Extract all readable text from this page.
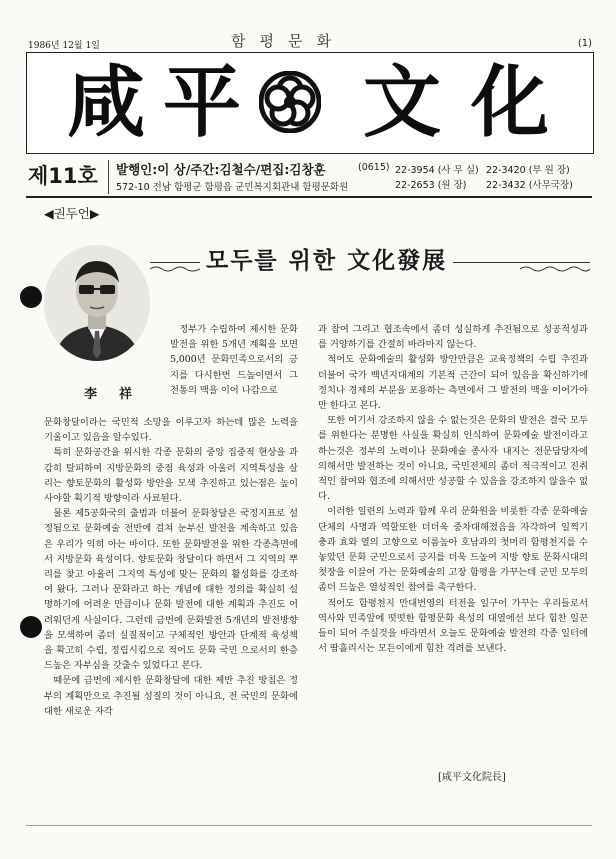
1986년 12월 1일	함평문화	(1)
咸 平 文 化
제11호 발행인:이 상/주간:김철수/편집:김창훈
572-10 전남 함평군 함평읍 군민복지회관내 함평문화원
(0615) 22-3954 (사 무 실)
22-2653 (원 장)
22-3420 (부 원 장)
22-3432 (사무국장)
◀권두언▶
모두를 위한 文化發展
李祥
정부가 수립하여 제시한 문화발전을 위한 5개년 계획을 보면 5,000년 문화민족으로서의 긍지를 다시한번 드높이면서 그 전통의 맥을 이어 나감으로

문화창달이라는 국민적 소망을 이루고자 하는데 많은 노력을 기울이고 있음을 알수있다.

특히 문화공간을 위시한 각종 문화의 중앙 집중적 현상을 과감히 탈피하여 지방문화의 중점 육성과 아울러 지역특성을 살리는 향토문화의 활성화 방안을 모색 추진하고 있는점은 높이 사야할 획기적 방향이라 사료된다.

물론 제5공화국의 출범과 더불어 문화창달은 국정지표로 설정됨으로 문화예술 전반에 걸쳐 눈부신 발전을 계속하고 있음은 우리가 익히 아는 바이다. 또한 문화발전을 위한 각종측면에서 지방문화 육성이다. 향토문화 창달이다 하면서 그 지역의 뿌리를 찾고 아울러 그지역 특성에 맞는 문화의 활성화를 강조하여 왔다. 그러나 문화라고 하는 개념에 대한 정의를 확실히 설명하기에 어려운 만큼이나 문화 발전에 대한 계획과 추진도 어려워던게 사실이다. 그런데 금번에 문화발전 5개년의 발전방향을 모색하여 좀더 실질적이고 구체적인 방안과 단계적 육성책을 확고히 수립, 정립시킴으로 적어도 문화 국민 으로서의 한층 드높은 자부심을 갖출수 있었다고 본다.

때문에 금번에 제시한 문화창달에 대한 제반 추진 방침은 정부의 계획만으로 추진될 성질의 것이 아니요, 전 국민의 문화에 대한 새로운 자각

과 참여 그리고 협조속에서 좀더 성실하게 추진됨으로 성공적성과를 거양하기를 간절히 바라마지 않는다.

적어도 문화예술의 활성화 방안만큼은 교육정책의 수립 추진과 더불어 국가 백년지대계의 기본적 근간이 되어 있음을 확신하기에 정치나 경제의 부분을 포용하는 측면에서 그 발전의 맥을 이어가야만 한다고 본다.

또한 여기서 강조하지 않을 수 없는것은 문화의 발전은 결국 모두를 위한다는 분명한 사실을 확실히 인식하여 문화예술 발전이라고 하는것은 정부의 노력이나 문화예술 종사자 내지는 전문담당자에 의해서만 발전하는 것이 아니요, 국민전체의 좀더 적극적이고 진취적인 참여와 협조에 의해서만 성공할 수 있음을 강조하지 않을수 없다.

이러한 일련의 노력과 함께 우리 문화원을 비롯한 각종 문화예술 단체의 사명과 역할또한 더더욱 중차대해졌음을 자각하여 일찍기 충과 효와 열의 고향으로 이름높아 호남과의 첫머리 함평천지를 수 놓았던 문화 군민으로서 긍지를 더욱 드높여 지방 향토 문화시대의 첫장을 이끌어 가는 문화예술의 고장 함평을 가꾸는데 군민 모두의 좀더 드높은 열성적인 참여를 촉구한다.

적어도 함평천지 만대번영의 터전을 일구어 가꾸는 우리들로서 역사와 민족앞에 떳떳한 함평문화 육성의 대열에선 보다 힘찬 일꾼들이 되어 주실것을 바라면서 오늘도 문화예술 발전의 각종 일터에서 땀흘리시는 모든이에게 힘찬 격려를 보낸다.

[咸平文化院長]
